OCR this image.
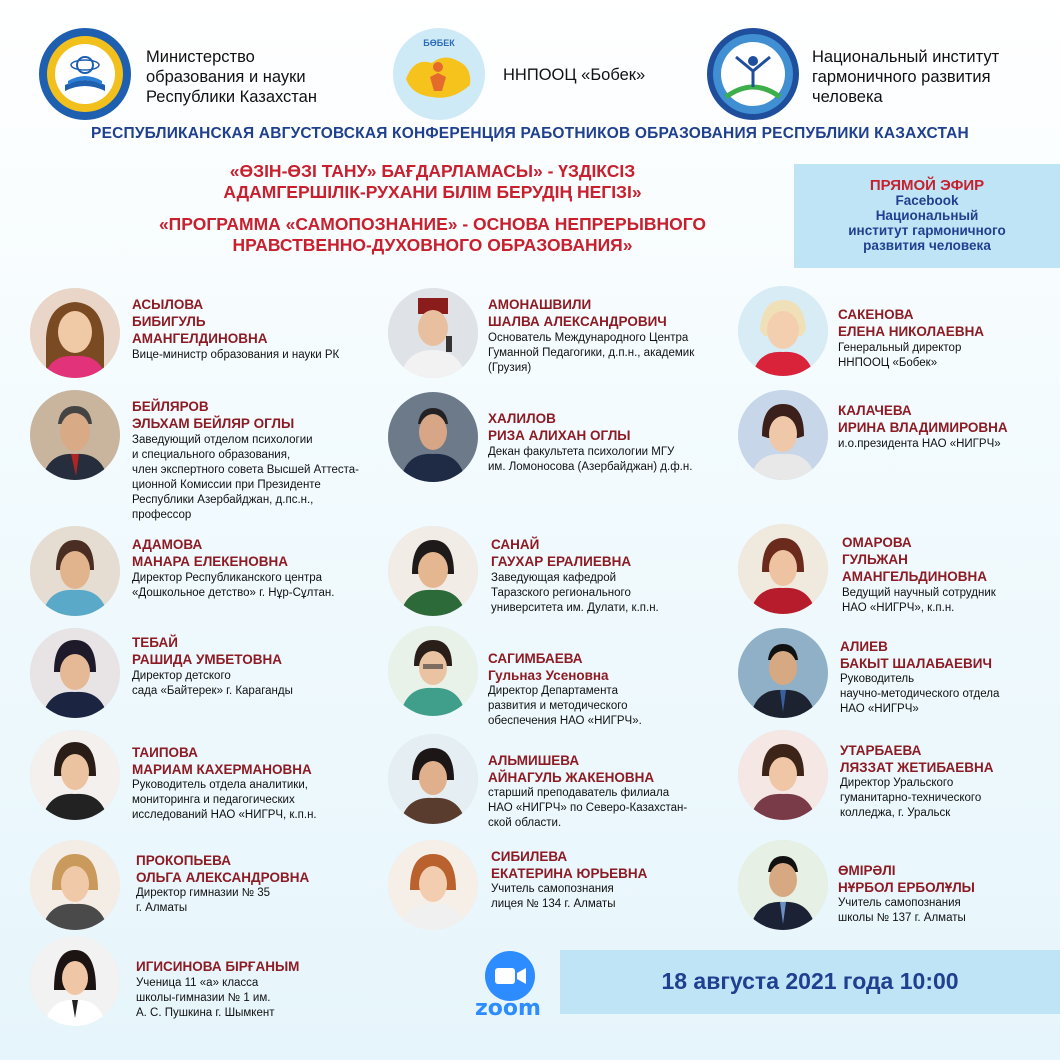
Министерство
образования и науки
Республики Казахстан
БӨБЕК
ННПООЦ «Бобек»
Национальный институт
гармоничного развития
человека
РЕСПУБЛИКАНСКАЯ АВГУСТОВСКАЯ КОНФЕРЕНЦИЯ РАБОТНИКОВ ОБРАЗОВАНИЯ РЕСПУБЛИКИ КАЗАХСТАН
«ӨЗІН-ӨЗІ ТАНУ» БАҒДАРЛАМАСЫ» - ҮЗДІКСІЗ
АДАМГЕРШІЛІК-РУХАНИ БІЛІМ БЕРУДІҢ НЕГІЗІ»
«ПРОГРАММА «САМОПОЗНАНИЕ» - ОСНОВА НЕПРЕРЫВНОГО
НРАВСТВЕННО-ДУХОВНОГО ОБРАЗОВАНИЯ»
ПРЯМОЙ ЭФИР
Facebook
Национальный
институт гармоничного
развития человека
АСЫЛОВА
БИБИГУЛЬ
АМАНГЕЛДИНОВНА
Вице-министр образования и науки РК
АМОНАШВИЛИ
ШАЛВА АЛЕКСАНДРОВИЧ
Основатель Международного Центра
Гуманной Педагогики, д.п.н., академик
(Грузия)
САКЕНОВА
ЕЛЕНА НИКОЛАЕВНА
Генеральный директор
ННПООЦ «Бобек»
БЕЙЛЯРОВ
ЭЛЬХАМ БЕЙЛЯР ОГЛЫ
Заведующий отделом психологии
и специального образования,
член экспертного совета Высшей Аттеста-
ционной Комиссии при Президенте
Республики Азербайджан, д.пс.н.,
профессор
ХАЛИЛОВ
РИЗА АЛИХАН ОГЛЫ
Декан факультета психологии МГУ
им. Ломоносова (Азербайджан) д.ф.н.
КАЛАЧЕВА
ИРИНА ВЛАДИМИРОВНА
и.о.президента НАО «НИГРЧ»
АДАМОВА
МАНАРА ЕЛЕКЕНОВНА
Директор Республиканского центра
«Дошкольное детство» г. Нұр-Сұлтан.
САНАЙ
ГАУХАР ЕРАЛИЕВНА
Заведующая кафедрой
Таразского регионального
университета им. Дулати, к.п.н.
ОМАРОВА
ГУЛЬЖАН
АМАНГЕЛЬДИНОВНА
Ведущий научный сотрудник
НАО «НИГРЧ», к.п.н.
ТЕБАЙ
РАШИДА УМБЕТОВНА
Директор детского
сада «Байтерек» г. Караганды
САГИМБАЕВА
Гульназ Усеновна
Директор Департамента
развития и методического
обеспечения НАО «НИГРЧ».
АЛИЕВ
БАКЫТ ШАЛАБАЕВИЧ
Руководитель
научно-методического отдела
НАО «НИГРЧ»
ТАИПОВА
МАРИАМ КАХЕРМАНОВНА
Руководитель отдела аналитики,
мониторинга и педагогических
исследований НАО «НИГРЧ, к.п.н.
АЛЬМИШЕВА
АЙНАГУЛЬ ЖАКЕНОВНА
старший преподаватель филиала
НАО «НИГРЧ» по Северо-Казахстан-
ской области.
УТАРБАЕВА
ЛЯЗЗАТ ЖЕТИБАЕВНА
Директор Уральского
гуманитарно-технического
колледжа, г. Уральск
ПРОКОПЬЕВА
ОЛЬГА АЛЕКСАНДРОВНА
Директор гимназии № 35
г. Алматы
СИБИЛЕВА
ЕКАТЕРИНА ЮРЬЕВНА
Учитель самопознания
лицея № 134 г. Алматы
ӨМІРӘЛІ
НҰРБОЛ ЕРБОЛҰЛЫ
Учитель самопознания
школы № 137 г. Алматы
ИГИСИНОВА БІРҒАНЫМ
Ученица 11 «а» класса
школы-гимназии № 1 им.
А. С. Пушкина г. Шымкент	zoom
18 августа 2021 года 10:00
